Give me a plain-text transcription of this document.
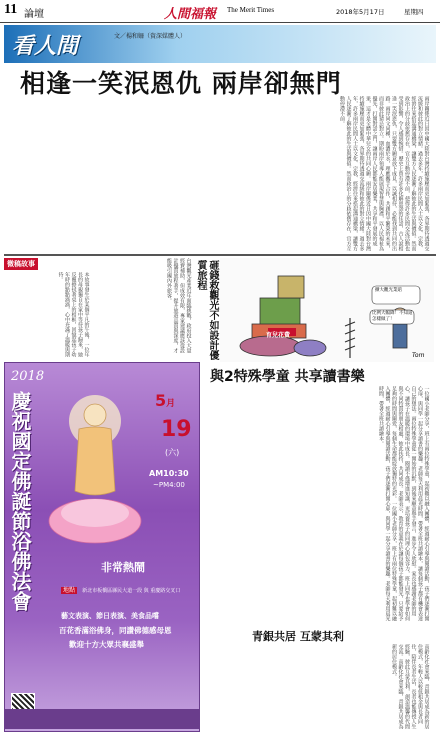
11 論壇	人間福報 The Merit Times	2018年5月17日	星期四
看人間	文／楊和姍（資深媒體人）
相逢一笑泯恩仇 兩岸卻無門

兩岸關係近日因中國大陸對台灣持續施壓而更加緊張，各界期待透過交流緩和彼此的對立情緒。過去多年，許多兩岸民間人士以文化、宗教、經濟往來搭起溝通橋梁，讓雙方人民逐漸了解彼此的生活與價值。然而政治上的分歧依舊存在，官方互動停滯不前，使得許多民間交流活動也受到影響，令人感到惋惜。歷史上曾有許多化解恩怨的佳話，古人說相逢一笑泯恩仇，只要雙方願意放下成見，以誠相待，必能找到共同的出路。兩岸同文同種，血濃於水，理應攜手合作，共創和平繁榮的未來，而非彼此猜忌對立。期盼兩岸領導人能展現智慧與胸襟，以人民福祉為優先，打開對話之門，讓兩岸人民都能安居樂業，共享和平發展的成果，這才是全體中華兒女的共同心願。兩岸關係近日因中國大陸對台灣持續施壓而更加緊張，各界期待透過交流緩和彼此的對立情緒。過去多年，許多兩岸民間人士以文化、宗教、經濟往來搭起溝通橋梁，讓雙方人民逐漸了解彼此的生活與價值。然而政治上的分歧依舊存在，官方互動停滯不前。

微稿故事

本故事發生於某個平凡的午後，一位年長的母親獨自在家中等待孩子歸來，她反覆擦拭著桌上的相框，回憶起孩子幼年時的點點滴滴，心中充滿了溫暖與期待。	
台灣觀光產業近年面臨挑戰，政府投入大量經費補助，但成效有限，專家建議應該從設計優質旅程著手，提升旅遊品質與深度，才能吸引國內外旅客。	砸錢救觀光不如設計優質旅程
育兒花費
擴大觀光業賠
比例大幅降！不知道怎樣做了！
Tom
2018
慶祝國定佛誕節浴佛法會	5月
19
(六)
AM10:30
~PM4:00
非常熱鬧
地點 新北市板橋區縣民大道一段 與 重慶路交叉口
藝文表演、節日表演、美食品嚐
百花香滿浴佛身，同讚佛德感母恩
歡迎十方大眾共襄盛舉
與2特殊學童 共享讀書樂

一位國小老師分享，班上有兩位特殊學童，起初難以融入團體，經過耐心引導與閱讀活動，孩子們逐漸打開心扉，與同學一起分享讀書的樂趣。老師每天利用晨光時間，帶著全班共讀繪本，讓每個孩子都有機會表達自己的想法。兩位特殊學童從一開始的沉默，到後來願意舉手發言，進步令人欣慰。家長也感謝老師的用心，讓孩子在溫暖的環境中成長。閱讀不僅增進知識，更培養孩子的同理心與包容力，班上同學也學會如何與不同特質的朋友相處，彼此扶持，共同成長。老師表示，教育的意義在於讓每個孩子都能發光，只要給予足夠的時間與關愛，每個生命都能綻放獨特的光彩。一位國小老師分享，班上有兩位特殊學童，起初難以融入團體，經過耐心引導與閱讀活動，孩子們逐漸打開心扉，與同學一起分享讀書的樂趣。老師每天利用晨光時間，帶著全班共讀繪本。

青銀共居 互蒙其利

高齡化社會來臨，青銀共居成為新的居住模式，年輕人以較低租金與長者同住，陪伴長者生活，長者也能傳授人生經驗，彼此互蒙其利，創造溫馨的代間交流。高齡化社會來臨，青銀共居成為新的居住模式。
